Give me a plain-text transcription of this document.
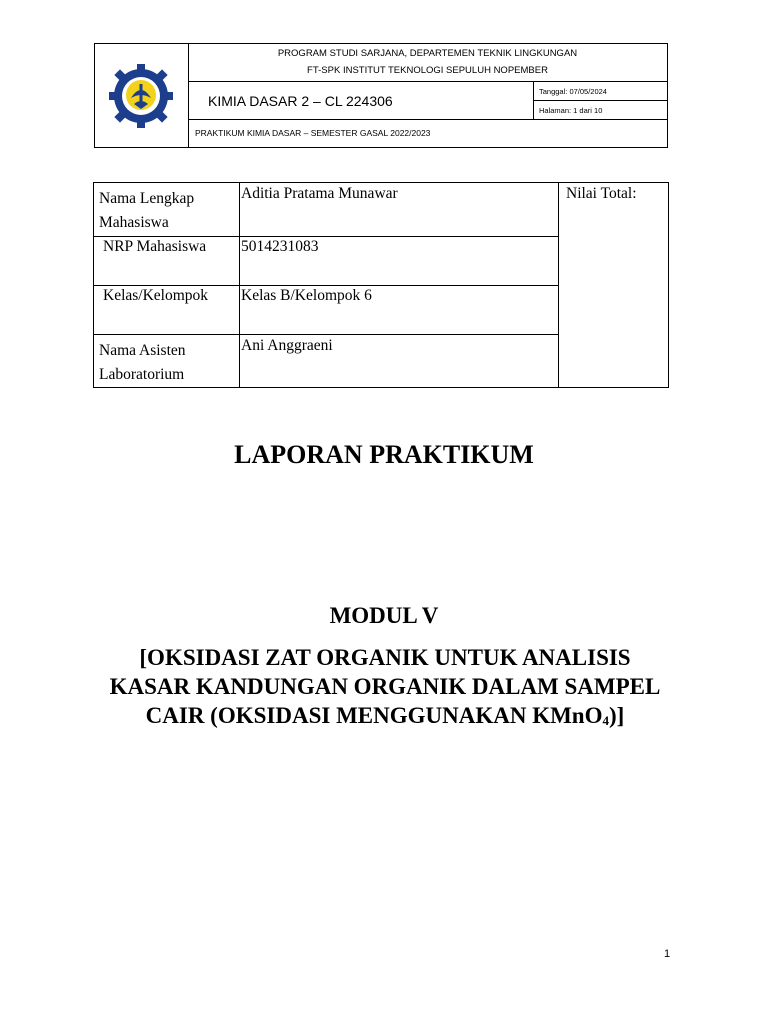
PROGRAM STUDI SARJANA, DEPARTEMEN TEKNIK LINGKUNGAN
FT-SPK INSTITUT TEKNOLOGI SEPULUH NOPEMBER
KIMIA DASAR 2 – CL 224306
Tanggal: 07/05/2024
Halaman: 1 dari 10
PRAKTIKUM KIMIA DASAR – SEMESTER GASAL 2022/2023
Nama Lengkap
Mahasiswa
Aditia Pratama Munawar
NRP Mahasiswa	5014231083
Kelas/Kelompok	Kelas B/Kelompok 6
Nama Asisten
Laboratorium
Ani Anggraeni
Nilai Total:
LAPORAN PRAKTIKUM
MODUL V
[OKSIDASI ZAT ORGANIK UNTUK ANALISIS KASAR KANDUNGAN ORGANIK DALAM SAMPEL CAIR (OKSIDASI MENGGUNAKAN KMnO$_4$)]
1
